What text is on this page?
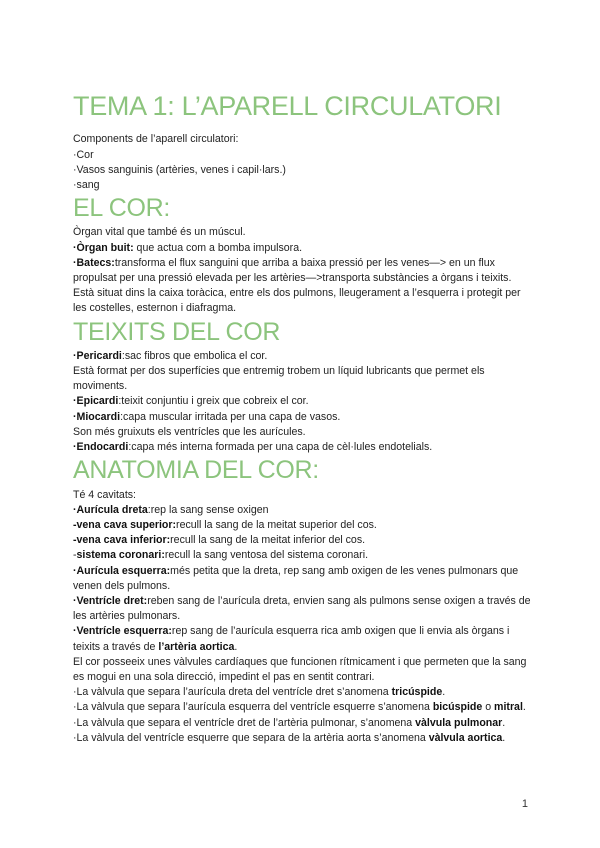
TEMA 1: L’APARELL CIRCULATORI

Components de l’aparell circulatori:

·Cor
·Vasos sanguinis (artèries, venes i capil·lars.)
·sang
EL COR:

Òrgan vital que també és un múscul.

·Òrgan buit: que actua com a bomba impulsora.

·Batecs:transforma el flux sanguini que arriba a baixa pressió per les venes—> en un flux propulsat per una pressió elevada per les artèries—>transporta substàncies a òrgans i teixits.

Està situat dins la caixa toràcica, entre els dos pulmons, lleugerament a l’esquerra i protegit per les costelles, esternon i diafragma.

TEIXITS DEL COR

·Pericardi:sac fibros que embolica el cor.

Està format per dos superfícies que entremig trobem un líquid lubricants que permet els moviments.

·Epicardi:teixit conjuntiu i greix que cobreix el cor.

·Miocardi:capa muscular irritada per una capa de vasos.

Son més gruixuts els ventrícles que les aurícules.

·Endocardi:capa més interna formada per una capa de cèl·lules endotelials.

ANATOMIA DEL COR:

Té 4 cavitats:

·Aurícula dreta:rep la sang sense oxigen

-vena cava superior:recull la sang de la meitat superior del cos.

-vena cava inferior:recull la sang de la meitat inferior del cos.

-sistema coronari:recull la sang ventosa del sistema coronari.

·Aurícula esquerra:més petita que la dreta, rep sang amb oxigen de les venes pulmonars que venen dels pulmons.

·Ventrícle dret:reben sang de l’aurícula dreta, envien sang als pulmons sense oxigen a través de les artèries pulmonars.

·Ventrícle esquerra:rep sang de l’aurícula esquerra rica amb oxigen que li envia als òrgans i teixits a través de l’artèria aortica.

El cor posseeix unes vàlvules cardíaques que funcionen rítmicament i que permeten que la sang es mogui en una sola direcció, impedint el pas en sentit contrari.

·La vàlvula que separa l’aurícula dreta del ventrícle dret s’anomena tricúspide.

·La vàlvula que separa l’aurícula esquerra del ventrícle esquerre s’anomena bicúspide o mitral.

·La vàlvula que separa el ventrícle dret de l’artèria pulmonar, s’anomena vàlvula pulmonar.

·La vàlvula del ventrícle esquerre que separa de la artèria aorta s’anomena vàlvula aortica.

1
